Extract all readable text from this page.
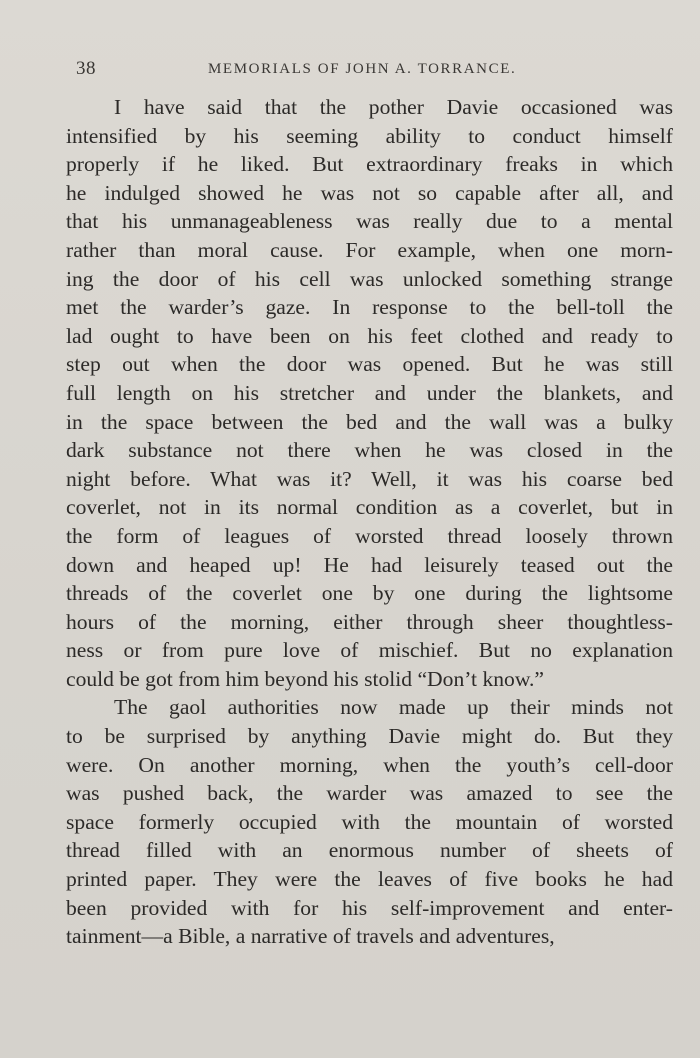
38	MEMORIALS OF JOHN A. TORRANCE.
I have said that the pother Davie occasioned was
intensified by his seeming ability to conduct himself
properly if he liked. But extraordinary freaks in which
he indulged showed he was not so capable after all, and
that his unmanageableness was really due to a mental
rather than moral cause. For example, when one morn-
ing the door of his cell was unlocked something strange
met the warder’s gaze. In response to the bell-toll the
lad ought to have been on his feet clothed and ready to
step out when the door was opened. But he was still
full length on his stretcher and under the blankets, and
in the space between the bed and the wall was a bulky
dark substance not there when he was closed in the
night before. What was it? Well, it was his coarse bed
coverlet, not in its normal condition as a coverlet, but in
the form of leagues of worsted thread loosely thrown
down and heaped up! He had leisurely teased out the
threads of the coverlet one by one during the lightsome
hours of the morning, either through sheer thoughtless-
ness or from pure love of mischief. But no explanation
could be got from him beyond his stolid “Don’t know.”
The gaol authorities now made up their minds not
to be surprised by anything Davie might do. But they
were. On another morning, when the youth’s cell-door
was pushed back, the warder was amazed to see the
space formerly occupied with the mountain of worsted
thread filled with an enormous number of sheets of
printed paper. They were the leaves of five books he had
been provided with for his self-improvement and enter-
tainment—a Bible, a narrative of travels and adventures,
